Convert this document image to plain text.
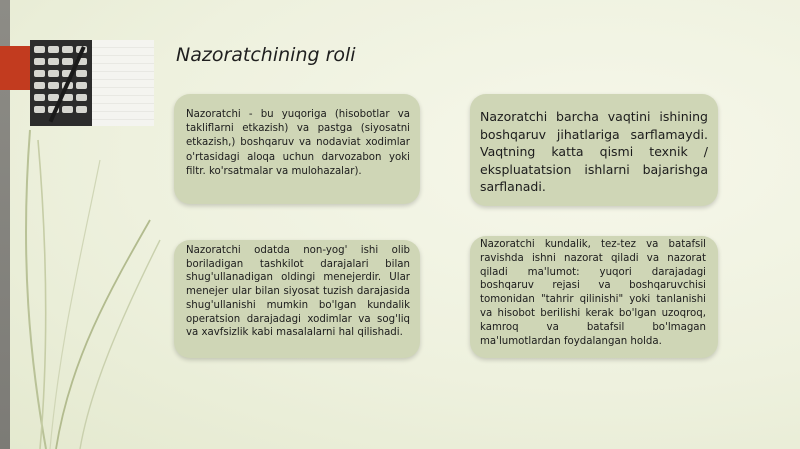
Nazoratchining roli

Nazoratchi - bu yuqoriga (hisobotlar va takliflarni etkazish) va pastga (siyosatni etkazish,) boshqaruv va nodaviat xodimlar o'rtasidagi aloqa uchun darvozabon yoki filtr. ko'rsatmalar va mulohazalar).

Nazoratchi barcha vaqtini ishining boshqaruv jihatlariga sarflamaydi. Vaqtning katta qismi texnik / ekspluatatsion ishlarni bajarishga sarflanadi.

Nazoratchi odatda non-yog' ishi olib boriladigan tashkilot darajalari bilan shug'ullanadigan oldingi menejerdir. Ular menejer ular bilan siyosat tuzish darajasida shug'ullanishi mumkin bo'lgan kundalik operatsion darajadagi xodimlar va sog'liq va xavfsizlik kabi masalalarni hal qilishadi.

Nazoratchi kundalik, tez-tez va batafsil ravishda ishni nazorat qiladi va nazorat qiladi ma'lumot: yuqori darajadagi boshqaruv rejasi va boshqaruvchisi tomonidan "tahrir qilinishi" yoki tanlanishi va hisobot berilishi kerak bo'lgan uzoqroq, kamroq va batafsil bo'lmagan ma'lumotlardan foydalangan holda.
